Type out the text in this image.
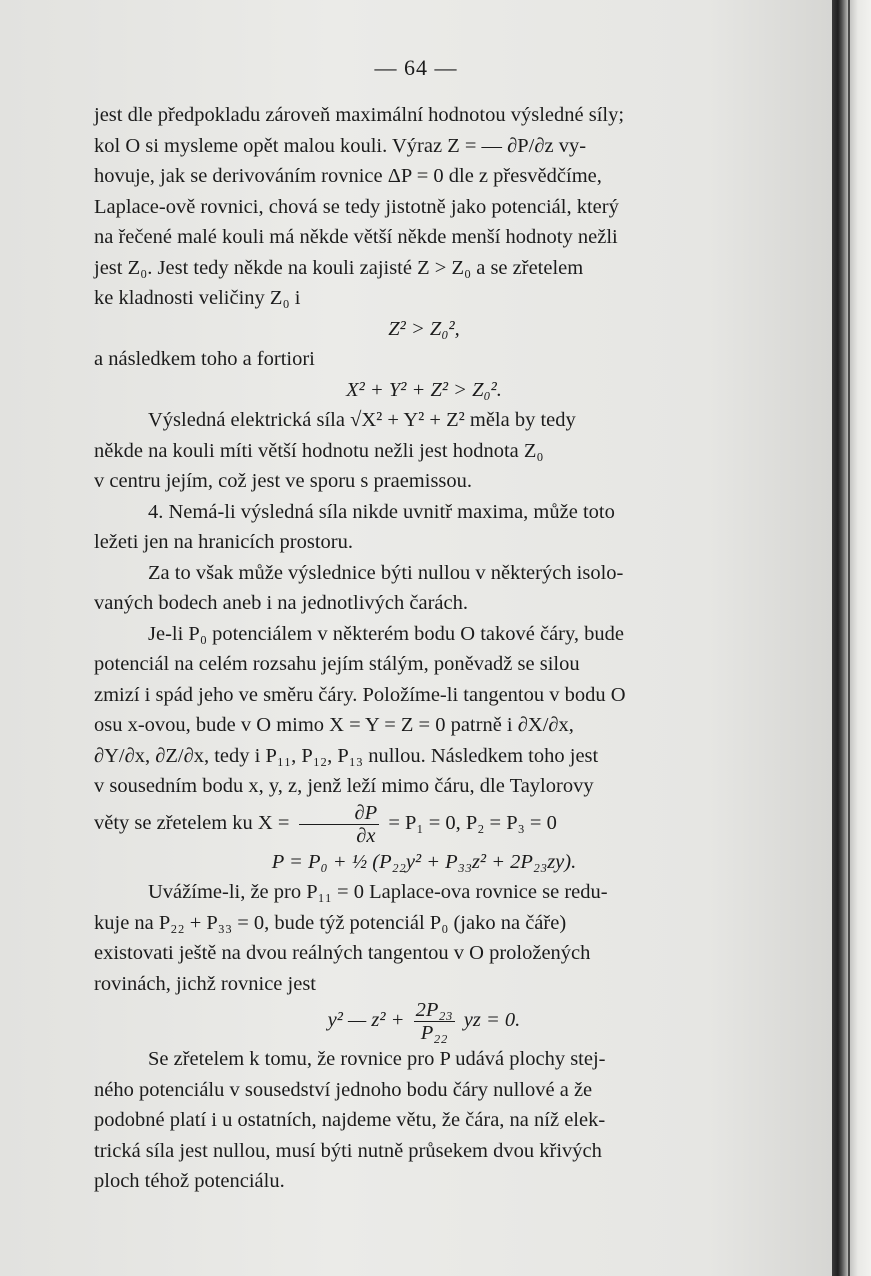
— 64 —

jest dle předpokladu zároveň maximální hodnotou výsledné síly;
kol O si mysleme opět malou kouli. Výraz Z = — ∂P/∂z vy-
hovuje, jak se derivováním rovnice ΔP = 0 dle z přesvědčíme,
Laplace-ově rovnici, chová se tedy jistotně jako potenciál, který
na řečené malé kouli má někde větší někde menší hodnoty nežli
jest Z₀. Jest tedy někde na kouli zajisté Z > Z₀ a se zřetelem
ke kladnosti veličiny Z₀ i

Z² > Z₀²,

a následkem toho a fortiori

X² + Y² + Z² > Z₀².

Výsledná elektrická síla √X² + Y² + Z² měla by tedy
někde na kouli míti větší hodnotu nežli jest hodnota Z₀
v centru jejím, což jest ve sporu s praemissou.

4. Nemá-li výsledná síla nikde uvnitř maxima, může toto
ležeti jen na hranicích prostoru.

Za to však může výslednice býti nullou v některých isolo-
vaných bodech aneb i na jednotlivých čarách.

Je-li P₀ potenciálem v některém bodu O takové čáry, bude
potenciál na celém rozsahu jejím stálým, poněvadž se silou
zmizí i spád jeho ve směru čáry. Položíme-li tangentou v bodu O
osu x-ovou, bude v O mimo X = Y = Z = 0 patrně i ∂X/∂x,
∂Y/∂x, ∂Z/∂x, tedy i P₁₁, P₁₂, P₁₃ nullou. Následkem toho jest
v sousedním bodu x, y, z, jenž leží mimo čáru, dle Taylorovy
věty se zřetelem ku $X = \frac{\partial P}{\partial x} = P_1 = 0$, P₂ = P₃ = 0

P = P₀ + ½ (P₂₂y² + P₃₃z² + 2P₂₃zy).

Uvážíme-li, že pro P₁₁ = 0 Laplace-ova rovnice se redu-
kuje na P₂₂ + P₃₃ = 0, bude týž potenciál P₀ (jako na čáře)
existovati ještě na dvou reálných tangentou v O proložených
rovinách, jichž rovnice jest

y² — $z^2 + \frac{\text{2P₂₃}}{\text{P₂₂}}$ yz = 0.

Se zřetelem k tomu, že rovnice pro P udává plochy stej-
ného potenciálu v sousedství jednoho bodu čáry nullové a že
podobné platí i u ostatních, najdeme větu, že čára, na níž elek-
trická síla jest nullou, musí býti nutně průsekem dvou křivých
ploch téhož potenciálu.
